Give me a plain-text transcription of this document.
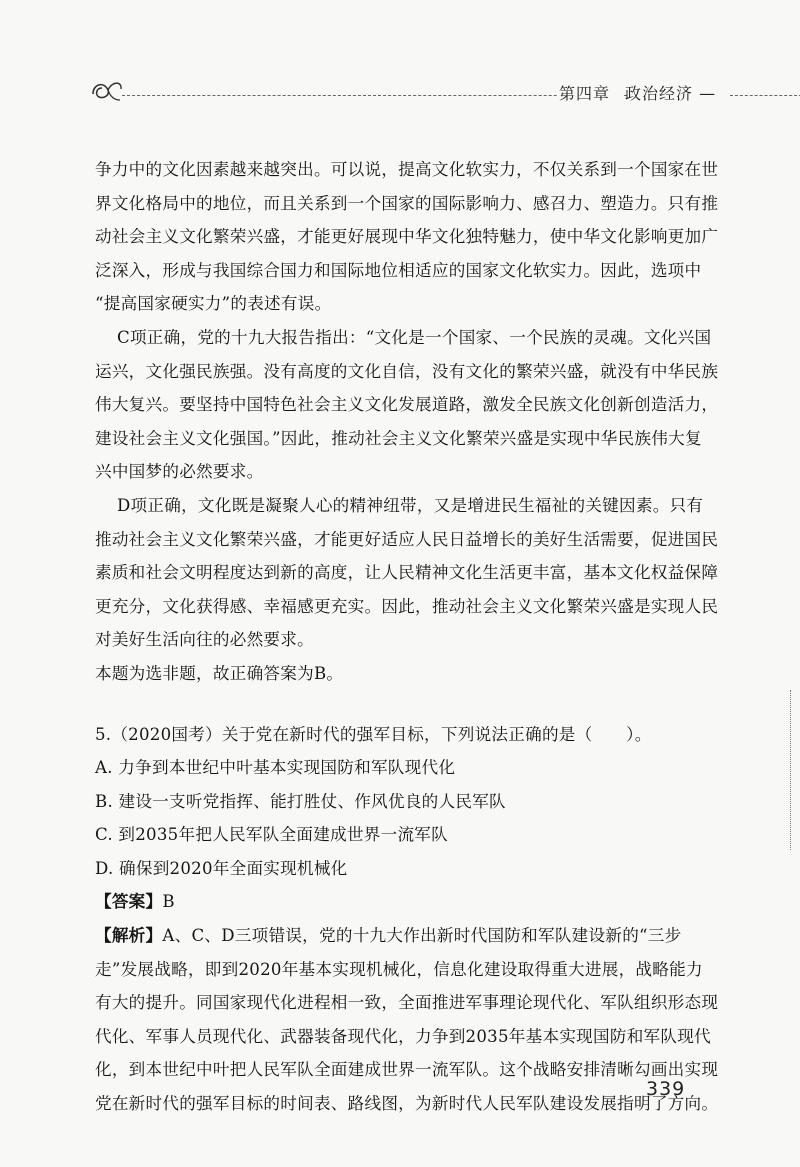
第四章 政治经济 —
争力中的文化因素越来越突出。可以说，提高文化软实力，不仅关系到一个国家在世
界文化格局中的地位，而且关系到一个国家的国际影响力、感召力、塑造力。只有推
动社会主义文化繁荣兴盛，才能更好展现中华文化独特魅力，使中华文化影响更加广
泛深入，形成与我国综合国力和国际地位相适应的国家文化软实力。因此，选项中
“提高国家硬实力”的表述有误。
C项正确，党的十九大报告指出：“文化是一个国家、一个民族的灵魂。文化兴国
运兴，文化强民族强。没有高度的文化自信，没有文化的繁荣兴盛，就没有中华民族
伟大复兴。要坚持中国特色社会主义文化发展道路，激发全民族文化创新创造活力，
建设社会主义文化强国。”因此，推动社会主义文化繁荣兴盛是实现中华民族伟大复
兴中国梦的必然要求。
D项正确，文化既是凝聚人心的精神纽带，又是增进民生福祉的关键因素。只有
推动社会主义文化繁荣兴盛，才能更好适应人民日益增长的美好生活需要，促进国民
素质和社会文明程度达到新的高度，让人民精神文化生活更丰富，基本文化权益保障
更充分，文化获得感、幸福感更充实。因此，推动社会主义文化繁荣兴盛是实现人民
对美好生活向往的必然要求。
本题为选非题，故正确答案为B。
5.（2020国考）关于党在新时代的强军目标，下列说法正确的是（　　）。
A. 力争到本世纪中叶基本实现国防和军队现代化
B. 建设一支听党指挥、能打胜仗、作风优良的人民军队
C. 到2035年把人民军队全面建成世界一流军队
D. 确保到2020年全面实现机械化
【答案】B
【解析】A、C、D三项错误，党的十九大作出新时代国防和军队建设新的“三步
走”发展战略，即到2020年基本实现机械化，信息化建设取得重大进展，战略能力
有大的提升。同国家现代化进程相一致，全面推进军事理论现代化、军队组织形态现
代化、军事人员现代化、武器装备现代化，力争到2035年基本实现国防和军队现代
化，到本世纪中叶把人民军队全面建成世界一流军队。这个战略安排清晰勾画出实现
党在新时代的强军目标的时间表、路线图，为新时代人民军队建设发展指明了方向。
339
